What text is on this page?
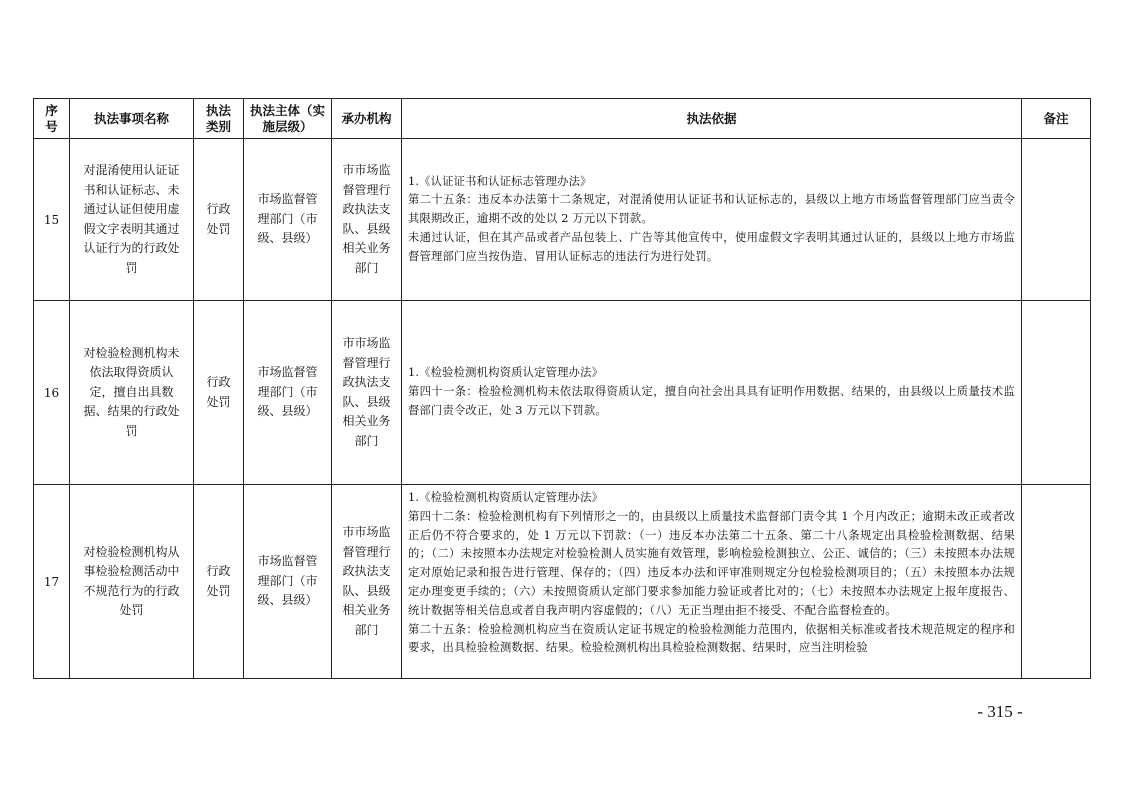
序号	执法事项名称	执法类别	执法主体（实施层级）	承办机构	执法依据	备注
15	对混淆使用认证证书和认证标志、未通过认证但使用虚假文字表明其通过认证行为的行政处罚	行政处罚	市场监督管理部门（市级、县级）	市市场监督管理行政执法支队、县级相关业务部门	1.《认证证书和认证标志管理办法》

第二十五条：违反本办法第十二条规定，对混淆使用认证证书和认证标志的，县级以上地方市场监督管理部门应当责令其限期改正，逾期不改的处以 2 万元以下罚款。

未通过认证，但在其产品或者产品包装上、广告等其他宣传中，使用虚假文字表明其通过认证的，县级以上地方市场监督管理部门应当按伪造、冒用认证标志的违法行为进行处罚。	

16	对检验检测机构未依法取得资质认定，擅自出具数据、结果的行政处罚	行政处罚	市场监督管理部门（市级、县级）	市市场监督管理行政执法支队、县级相关业务部门	1.《检验检测机构资质认定管理办法》

第四十一条：检验检测机构未依法取得资质认定，擅自向社会出具具有证明作用数据、结果的，由县级以上质量技术监督部门责令改正，处 3 万元以下罚款。	

17	对检验检测机构从事检验检测活动中不规范行为的行政处罚	行政处罚	市场监督管理部门（市级、县级）	市市场监督管理行政执法支队、县级相关业务部门	1.《检验检测机构资质认定管理办法》

第四十二条：检验检测机构有下列情形之一的，由县级以上质量技术监督部门责令其 1 个月内改正；逾期未改正或者改正后仍不符合要求的，处 1 万元以下罚款：（一）违反本办法第二十五条、第二十八条规定出具检验检测数据、结果的；（二）未按照本办法规定对检验检测人员实施有效管理，影响检验检测独立、公正、诚信的；（三）未按照本办法规定对原始记录和报告进行管理、保存的；（四）违反本办法和评审准则规定分包检验检测项目的；（五）未按照本办法规定办理变更手续的；（六）未按照资质认定部门要求参加能力验证或者比对的；（七）未按照本办法规定上报年度报告、统计数据等相关信息或者自我声明内容虚假的；（八）无正当理由拒不接受、不配合监督检查的。

第二十五条：检验检测机构应当在资质认定证书规定的检验检测能力范围内，依据相关标准或者技术规范规定的程序和要求，出具检验检测数据、结果。检验检测机构出具检验检测数据、结果时，应当注明检验	

- 315 -
